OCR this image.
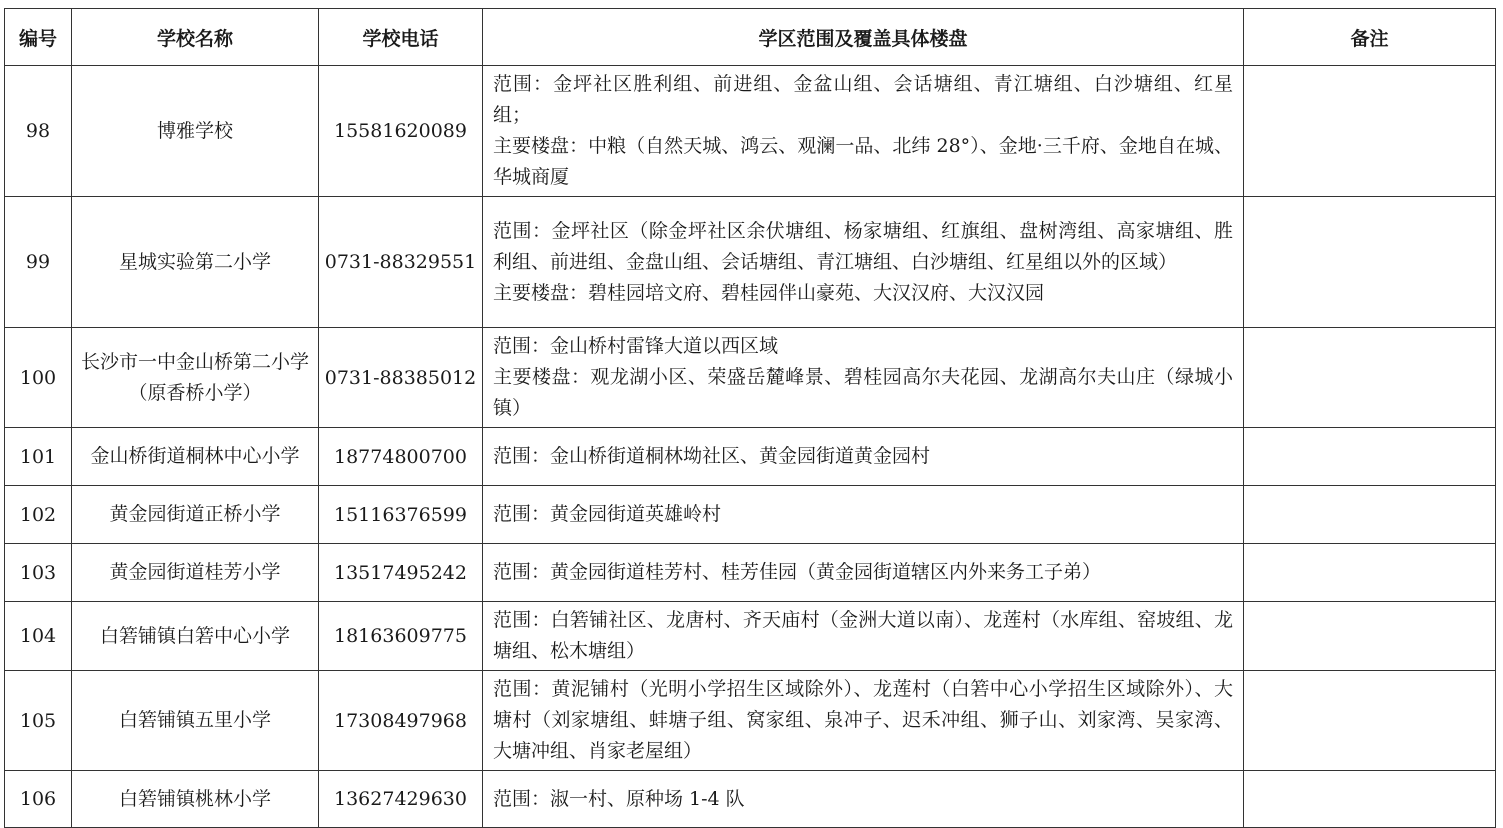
编号	学校名称	学校电话	学区范围及覆盖具体楼盘	备注
98	博雅学校	15581620089	范围：金坪社区胜利组、前进组、金盆山组、会话塘组、青江塘组、白沙塘组、红星组；
主要楼盘：中粮（自然天城、鸿云、观澜一品、北纬 28°）、金地·三千府、金地自在城、华城商厦	

99	星城实验第二小学	0731-88329551	范围：金坪社区（除金坪社区余伏塘组、杨家塘组、红旗组、盘树湾组、高家塘组、胜利组、前进组、金盘山组、会话塘组、青江塘组、白沙塘组、红星组以外的区域）
主要楼盘：碧桂园培文府、碧桂园伴山豪苑、大汉汉府、大汉汉园	

100	长沙市一中金山桥第二小学
（原香桥小学）	0731-88385012	范围：金山桥村雷锋大道以西区域
主要楼盘：观龙湖小区、荣盛岳麓峰景、碧桂园高尔夫花园、龙湖高尔夫山庄（绿城小镇）	

101	金山桥街道桐林中心小学	18774800700	范围：金山桥街道桐林坳社区、黄金园街道黄金园村	

102	黄金园街道正桥小学	15116376599	范围：黄金园街道英雄岭村	

103	黄金园街道桂芳小学	13517495242	范围：黄金园街道桂芳村、桂芳佳园（黄金园街道辖区内外来务工子弟）	

104	白箬铺镇白箬中心小学	18163609775	范围：白箬铺社区、龙唐村、齐天庙村（金洲大道以南）、龙莲村（水库组、窑坡组、龙塘组、松木塘组）	

105	白箬铺镇五里小学	17308497968	范围：黄泥铺村（光明小学招生区域除外）、龙莲村（白箬中心小学招生区域除外）、大塘村（刘家塘组、蚌塘子组、窝家组、泉冲子、迟禾冲组、狮子山、刘家湾、吴家湾、大塘冲组、肖家老屋组）	

106	白箬铺镇桃林小学	13627429630	范围：淑一村、原种场 1-4 队	
